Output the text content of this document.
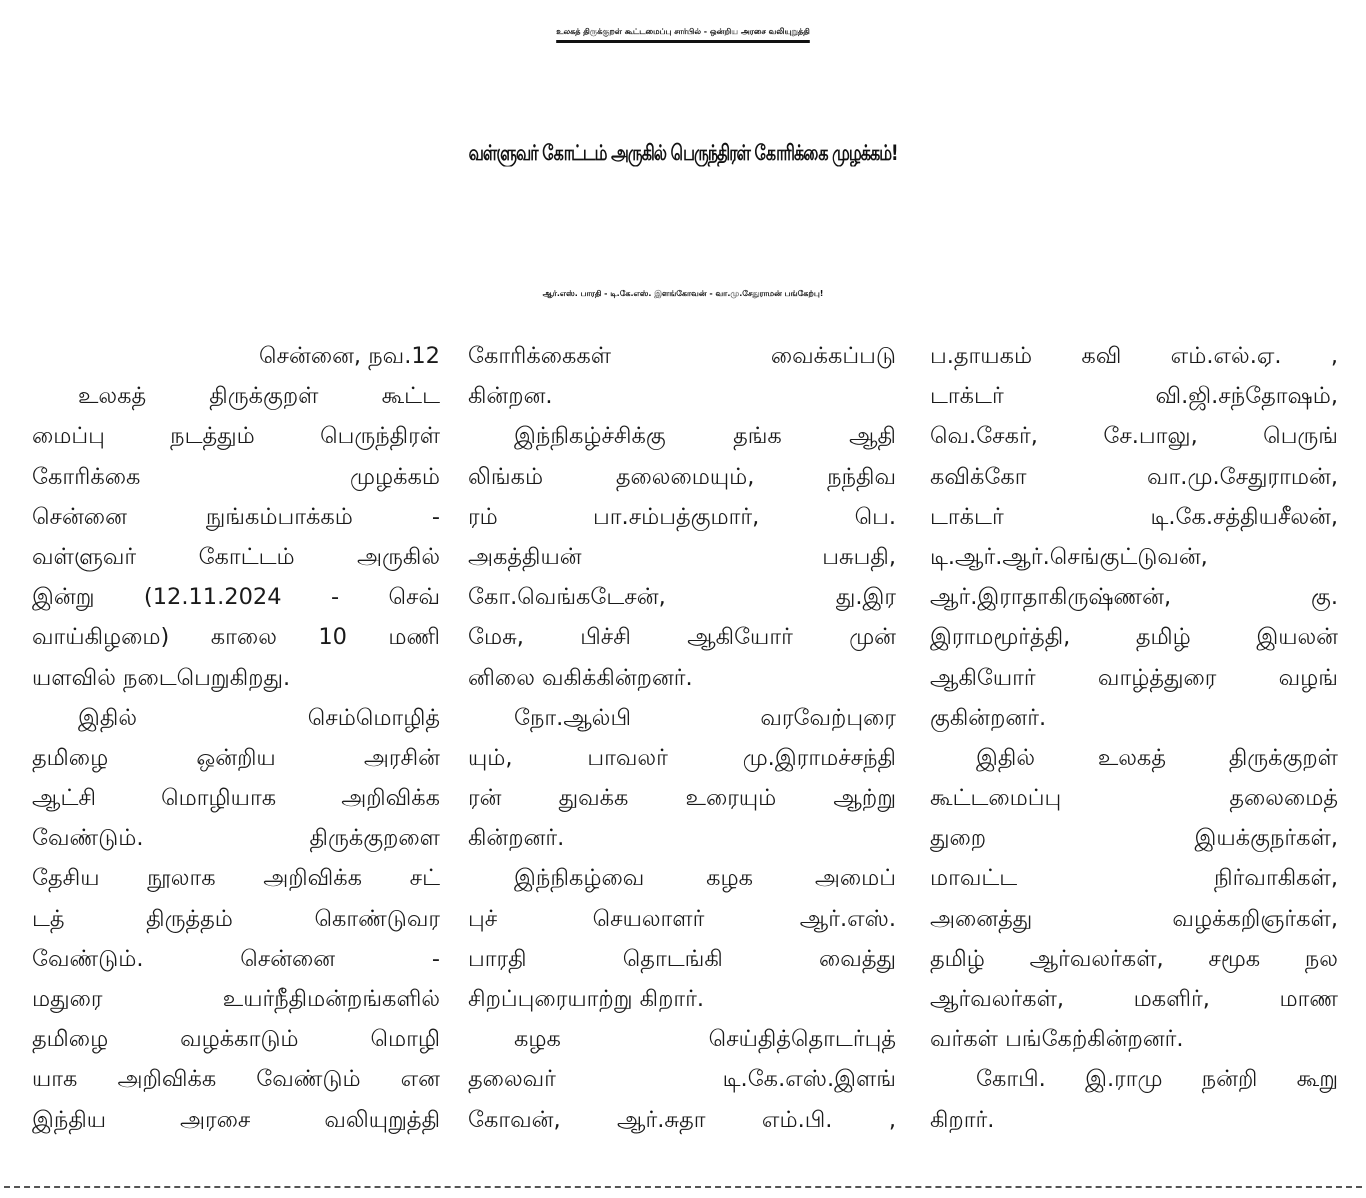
உலகத் திருக்குறள் கூட்டமைப்பு சார்பில் - ஒன்றிய அரசை வலியுறுத்தி
வள்ளுவர் கோட்டம் அருகில் பெருந்திரள் கோரிக்கை முழக்கம்!
ஆர்.எஸ். பாரதி - டி.கே.எஸ். இளங்கோவன் - வா.மு.சேதுராமன் பங்கேற்பு!
சென்னை, நவ.12
உலகத் திருக்குறள் கூட்ட
மைப்பு நடத்தும் பெருந்திரள்
கோரிக்கை முழக்கம்
சென்னை நுங்கம்பாக்கம் -
வள்ளுவர் கோட்டம் அருகில்
இன்று (12.11.2024 - செவ்
வாய்கிழமை) காலை 10 மணி
யளவில் நடைபெறுகிறது.
இதில் செம்மொழித்
தமிழை ஒன்றிய அரசின்
ஆட்சி மொழியாக அறிவிக்க
வேண்டும். திருக்குறளை
தேசிய நூலாக அறிவிக்க சட்
டத் திருத்தம் கொண்டுவர
வேண்டும். சென்னை -
மதுரை உயர்நீதிமன்றங்களில்
தமிழை வழக்காடும் மொழி
யாக அறிவிக்க வேண்டும் என
இந்திய அரசை வலியுறுத்தி
கோரிக்கைகள் வைக்கப்படு
கின்றன.
இந்நிகழ்ச்சிக்கு தங்க ஆதி
லிங்கம் தலைமையும், நந்திவ
ரம் பா.சம்பத்குமார், பெ.
அகத்தியன் பசுபதி,
கோ.வெங்கடேசன், து.இர
மேசு, பிச்சி ஆகியோர் முன்
னிலை வகிக்கின்றனர்.
நோ.ஆல்பி வரவேற்புரை
யும், பாவலர் மு.இராமச்சந்தி
ரன் துவக்க உரையும் ஆற்று
கின்றனர்.
இந்நிகழ்வை கழக அமைப்
புச் செயலாளர் ஆர்.எஸ்.
பாரதி தொடங்கி வைத்து
சிறப்புரையாற்று கிறார்.
கழக செய்தித்தொடர்புத்
தலைவர் டி.கே.எஸ்.இளங்
கோவன், ஆர்.சுதா எம்.பி. ,
ப.தாயகம் கவி எம்.எல்.ஏ. ,
டாக்டர் வி.ஜி.சந்தோஷம்,
வெ.சேகர், சே.பாலு, பெருங்
கவிக்கோ வா.மு.சேதுராமன்,
டாக்டர் டி.கே.சத்தியசீலன்,
டி.ஆர்.ஆர்.செங்குட்டுவன்,
ஆர்.இராதாகிருஷ்ணன், கு.
இராமமூர்த்தி, தமிழ் இயலன்
ஆகியோர் வாழ்த்துரை வழங்
குகின்றனர்.
இதில் உலகத் திருக்குறள்
கூட்டமைப்பு தலைமைத்
துறை இயக்குநர்கள்,
மாவட்ட நிர்வாகிகள்,
அனைத்து வழக்கறிஞர்கள்,
தமிழ் ஆர்வலர்கள், சமூக நல
ஆர்வலர்கள், மகளிர், மாண
வர்கள் பங்கேற்கின்றனர்.
கோபி. இ.ராமு நன்றி கூறு
கிறார்.
